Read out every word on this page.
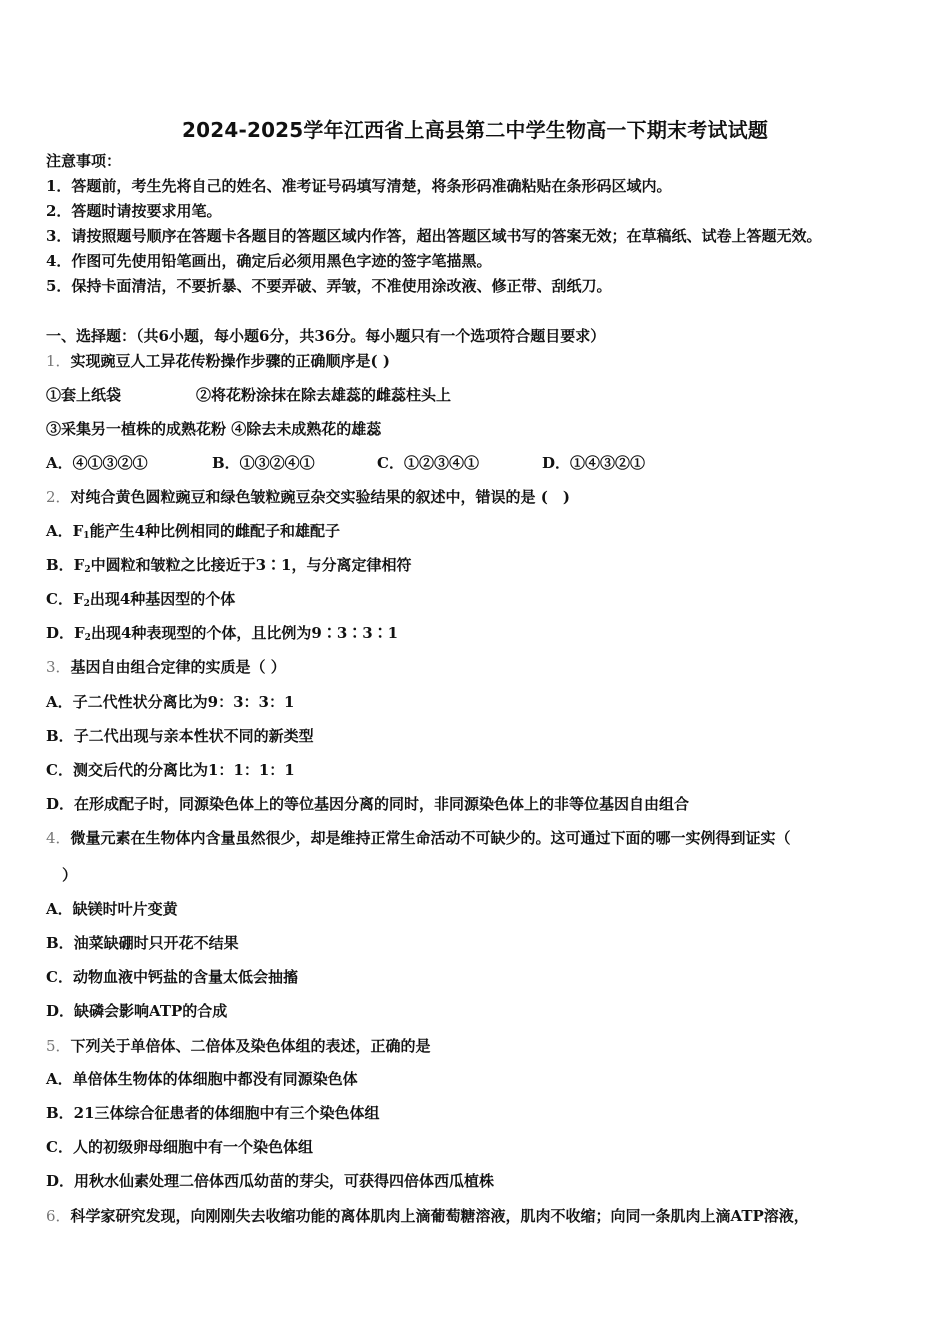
2024-2025学年江西省上高县第二中学生物高一下期末考试试题
注意事项：
1．答题前，考生先将自己的姓名、准考证号码填写清楚，将条形码准确粘贴在条形码区域内。
2．答题时请按要求用笔。
3．请按照题号顺序在答题卡各题目的答题区域内作答，超出答题区域书写的答案无效；在草稿纸、试卷上答题无效。
4．作图可先使用铅笔画出，确定后必须用黑色字迹的签字笔描黑。
5．保持卡面清洁，不要折暴、不要弄破、弄皱，不准使用涂改液、修正带、刮纸刀。
一、选择题：（共6小题，每小题6分，共36分。每小题只有一个选项符合题目要求）
1．实现豌豆人工异花传粉操作步骤的正确顺序是( )
①套上纸袋	②将花粉涂抹在除去雄蕊的雌蕊柱头上
③采集另一植株的成熟花粉 ④除去未成熟花的雄蕊
A．④①③②①	B．①③②④①	C．①②③④①	D．①④③②①
2．对纯合黄色圆粒豌豆和绿色皱粒豌豆杂交实验结果的叙述中，错误的是 (　)
A．$F_1$能产生4种比例相同的雌配子和雄配子
B．$F_2$中圆粒和皱粒之比接近于3∶1，与分离定律相符
C．$F_2$出现4种基因型的个体
D．$F_2$出现4种表现型的个体，且比例为9∶3∶3∶1
3．基因自由组合定律的实质是（ ）
A．子二代性状分离比为9：3：3：1
B．子二代出现与亲本性状不同的新类型
C．测交后代的分离比为1：1：1：1
D．在形成配子时，同源染色体上的等位基因分离的同时，非同源染色体上的非等位基因自由组合
4．微量元素在生物体内含量虽然很少，却是维持正常生命活动不可缺少的。这可通过下面的哪一实例得到证实（
）
A．缺镁时叶片变黄
B．油菜缺硼时只开花不结果
C．动物血液中钙盐的含量太低会抽搐
D．缺磷会影响ATP的合成
5．下列关于单倍体、二倍体及染色体组的表述，正确的是
A．单倍体生物体的体细胞中都没有同源染色体
B．21三体综合征患者的体细胞中有三个染色体组
C．人的初级卵母细胞中有一个染色体组
D．用秋水仙素处理二倍体西瓜幼苗的芽尖，可获得四倍体西瓜植株
6．科学家研究发现，向刚刚失去收缩功能的离体肌肉上滴葡萄糖溶液，肌肉不收缩；向同一条肌肉上滴ATP溶液，
